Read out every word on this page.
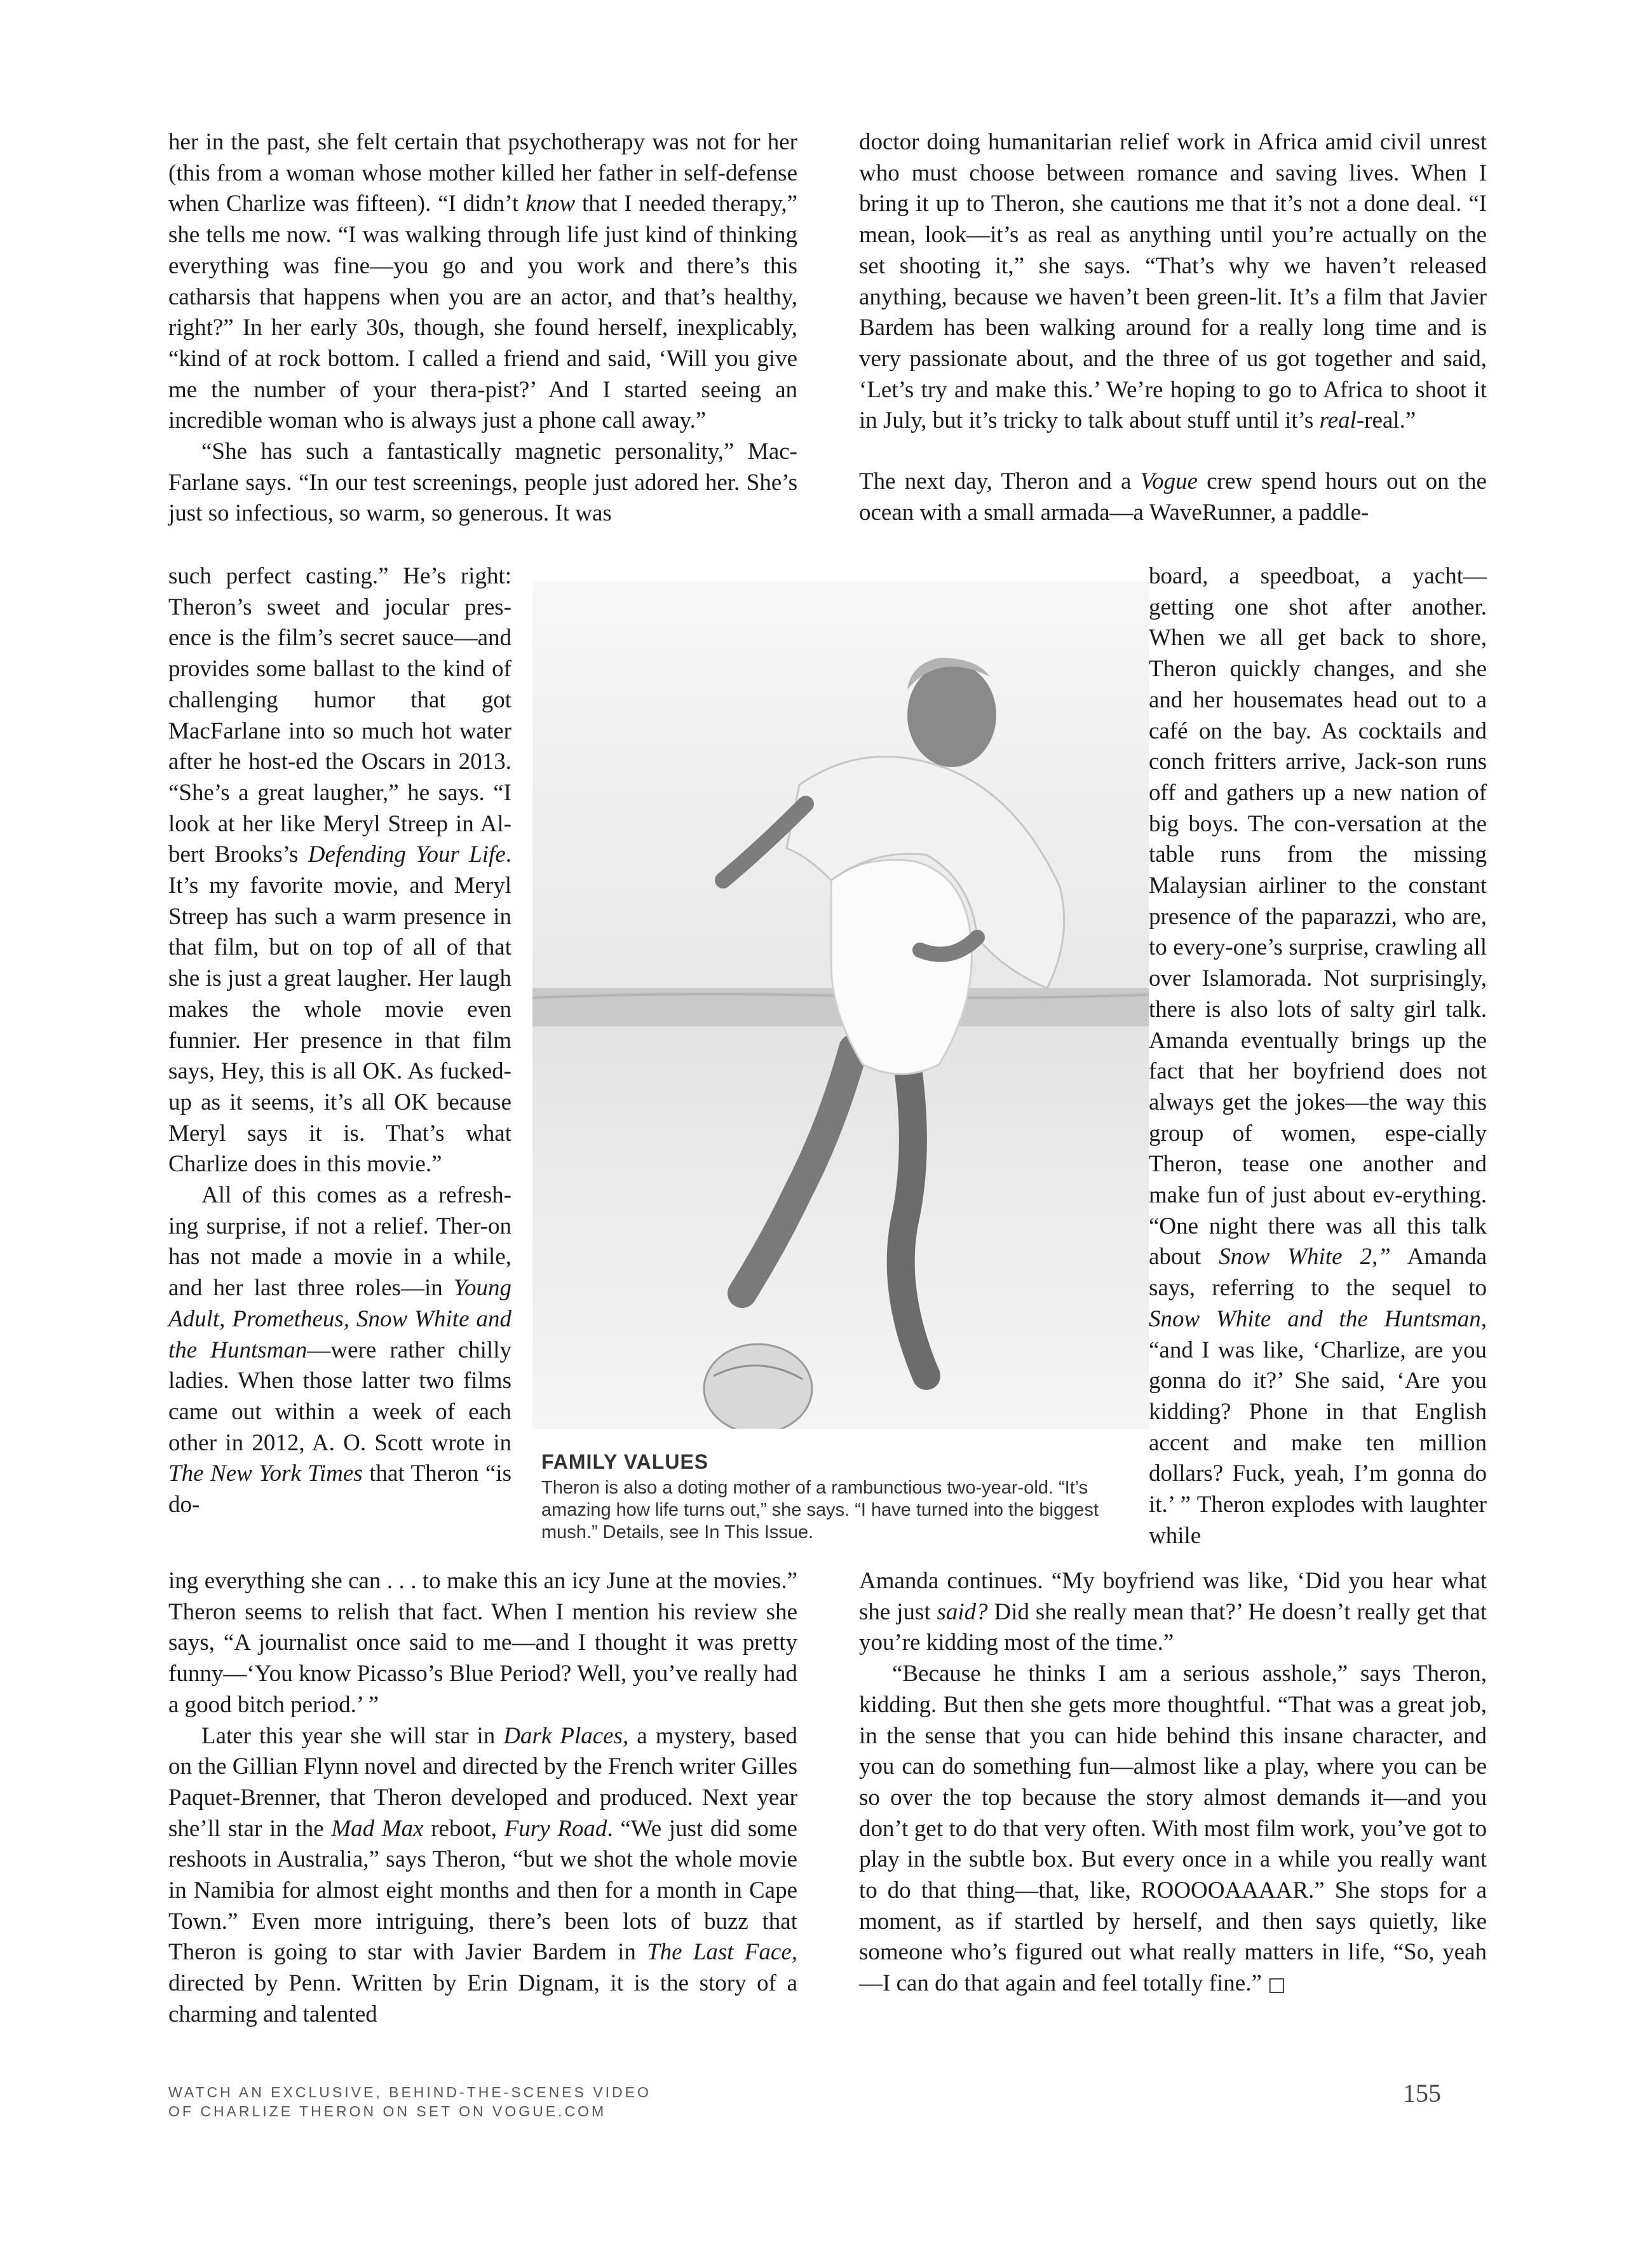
her in the past, she felt certain that psychotherapy was not for her (this from a woman whose mother killed her father in self-defense when Charlize was fifteen). “I didn’t know that I needed therapy,” she tells me now. “I was walking through life just kind of thinking everything was fine—you go and you work and there’s this catharsis that happens when you are an actor, and that’s healthy, right?” In her early 30s, though, she found herself, inexplicably, “kind of at rock bottom. I called a friend and said, ‘Will you give me the number of your thera-pist?’ And I started seeing an incredible woman who is always just a phone call away.”

“She has such a fantastically magnetic personality,” Mac-Farlane says. “In our test screenings, people just adored her. She’s just so infectious, so warm, so generous. It was

such perfect casting.” He’s right: Theron’s sweet and jocular pres-ence is the film’s secret sauce—and provides some ballast to the kind of challenging humor that got MacFarlane into so much hot water after he host-ed the Oscars in 2013. “She’s a great laugher,” he says. “I look at her like Meryl Streep in Al-bert Brooks’s Defending Your Life. It’s my favorite movie, and Meryl Streep has such a warm presence in that film, but on top of all of that she is just a great laugher. Her laugh makes the whole movie even funnier. Her presence in that film says, Hey, this is all OK. As fucked-up as it seems, it’s all OK because Meryl says it is. That’s what Charlize does in this movie.”

All of this comes as a refresh-ing surprise, if not a relief. Ther-on has not made a movie in a while, and her last three roles—in Young Adult, Prometheus, Snow White and the Huntsman—were rather chilly ladies. When those latter two films came out within a week of each other in 2012, A. O. Scott wrote in The New York Times that Theron “is do-

ing everything she can . . . to make this an icy June at the movies.” Theron seems to relish that fact. When I mention his review she says, “A journalist once said to me—and I thought it was pretty funny—‘You know Picasso’s Blue Period? Well, you’ve really had a good bitch period.’ ”

Later this year she will star in Dark Places, a mystery, based on the Gillian Flynn novel and directed by the French writer Gilles Paquet-Brenner, that Theron developed and produced. Next year she’ll star in the Mad Max reboot, Fury Road. “We just did some reshoots in Australia,” says Theron, “but we shot the whole movie in Namibia for almost eight months and then for a month in Cape Town.” Even more intriguing, there’s been lots of buzz that Theron is going to star with Javier Bardem in The Last Face, directed by Penn. Written by Erin Dignam, it is the story of a charming and talented

doctor doing humanitarian relief work in Africa amid civil unrest who must choose between romance and saving lives. When I bring it up to Theron, she cautions me that it’s not a done deal. “I mean, look—it’s as real as anything until you’re actually on the set shooting it,” she says. “That’s why we haven’t released anything, because we haven’t been green-lit. It’s a film that Javier Bardem has been walking around for a really long time and is very passionate about, and the three of us got together and said, ‘Let’s try and make this.’ We’re hoping to go to Africa to shoot it in July, but it’s tricky to talk about stuff until it’s real-real.”

The next day, Theron and a Vogue crew spend hours out on the ocean with a small armada—a WaveRunner, a paddle-

board, a speedboat, a yacht—getting one shot after another. When we all get back to shore, Theron quickly changes, and she and her housemates head out to a café on the bay. As cocktails and conch fritters arrive, Jack-son runs off and gathers up a new nation of big boys. The con-versation at the table runs from the missing Malaysian airliner to the constant presence of the paparazzi, who are, to every-one’s surprise, crawling all over Islamorada. Not surprisingly, there is also lots of salty girl talk. Amanda eventually brings up the fact that her boyfriend does not always get the jokes—the way this group of women, espe-cially Theron, tease one another and make fun of just about ev-erything. “One night there was all this talk about Snow White 2,” Amanda says, referring to the sequel to Snow White and the Huntsman, “and I was like, ‘Charlize, are you gonna do it?’ She said, ‘Are you kidding? Phone in that English accent and make ten million dollars? Fuck, yeah, I’m gonna do it.’ ” Theron explodes with laughter while

Amanda continues. “My boyfriend was like, ‘Did you hear what she just said? Did she really mean that?’ He doesn’t really get that you’re kidding most of the time.”

“Because he thinks I am a serious asshole,” says Theron, kidding. But then she gets more thoughtful. “That was a great job, in the sense that you can hide behind this insane character, and you can do something fun—almost like a play, where you can be so over the top because the story almost demands it—and you don’t get to do that very often. With most film work, you’ve got to play in the subtle box. But every once in a while you really want to do that thing—that, like, ROOOOAAAAR.” She stops for a moment, as if startled by herself, and then says quietly, like someone who’s figured out what really matters in life, “So, yeah—I can do that again and feel totally fine.” □

FAMILY VALUES

Theron is also a doting mother of a rambunctious two-year-old. “It’s amazing how life turns out,” she says. “I have turned into the biggest mush.” Details, see In This Issue.

WATCH AN EXCLUSIVE, BEHIND-THE-SCENES VIDEO
OF CHARLIZE THERON ON SET ON VOGUE.COM
155
